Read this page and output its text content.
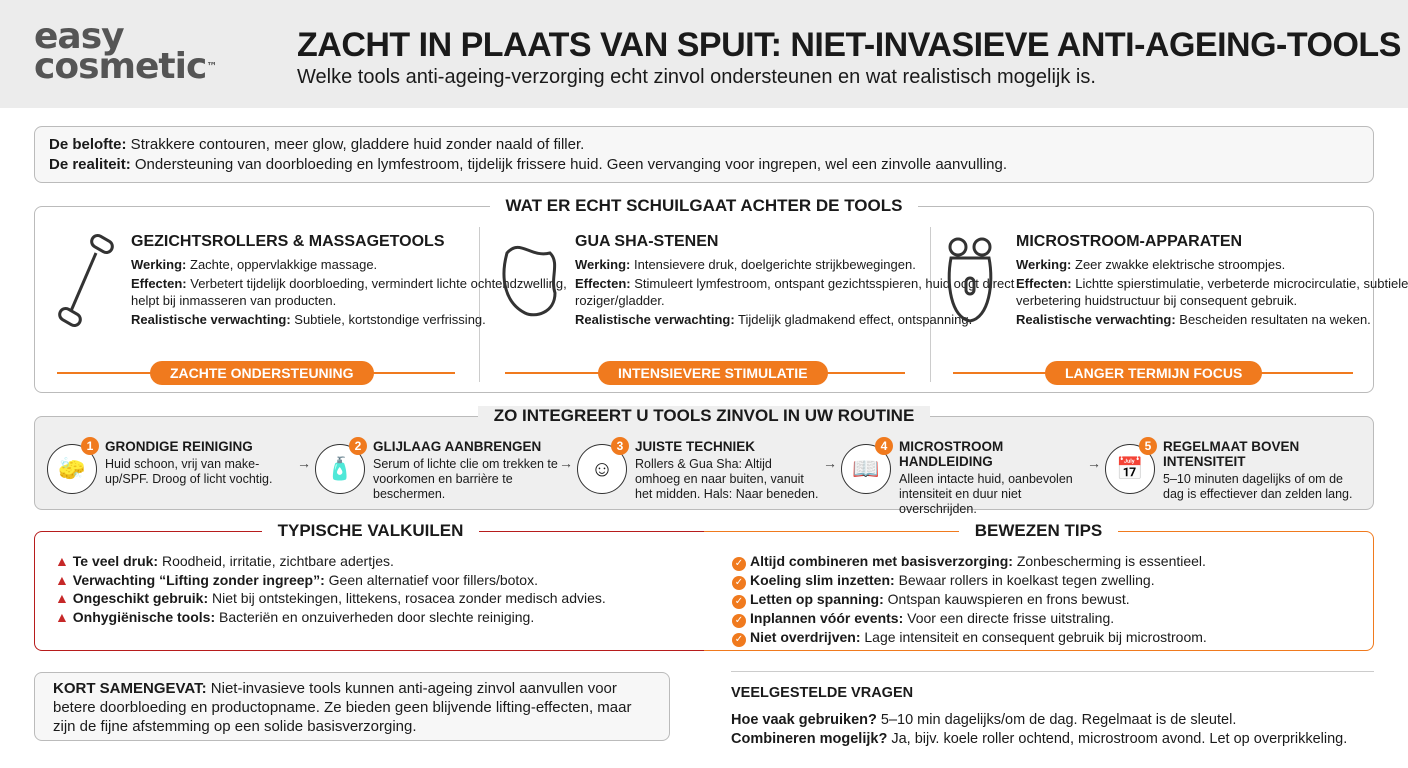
easy
cosmetic™
ZACHT IN PLAATS VAN SPUIT: NIET-INVASIEVE ANTI-AGEING-TOOLS
Welke tools anti-ageing-verzorging echt zinvol ondersteunen en wat realistisch mogelijk is.
De belofte: Strakkere contouren, meer glow, gladdere huid zonder naald of filler.
De realiteit: Ondersteuning van doorbloeding en lymfestroom, tijdelijk frissere huid. Geen vervanging voor ingrepen, wel een zinvolle aanvulling.
WAT ER ECHT SCHUILGAAT ACHTER DE TOOLS
GEZICHTSROLLERS & MASSAGETOOLS

Werking: Zachte, oppervlakkige massage.

Effecten: Verbetert tijdelijk doorbloeding, vermindert lichte ochtendzwelling, helpt bij inmasseren van producten.

Realistische verwachting: Subtiele, kortstondige verfrissing.

ZACHTE ONDERSTEUNING
GUA SHA-STENEN

Werking: Intensievere druk, doelgerichte strijkbewegingen.

Effecten: Stimuleert lymfestroom, ontspant gezichtsspieren, huid oogt direct roziger/gladder.

Realistische verwachting: Tijdelijk gladmakend effect, ontspanning.

INTENSIEVERE STIMULATIE
MICROSTROOM-APPARATEN

Werking: Zeer zwakke elektrische stroompjes.

Effecten: Lichtte spierstimulatie, verbeterde microcirculatie, subtiele verbetering huidstructuur bij consequent gebruik.

Realistische verwachting: Bescheiden resultaten na weken.

LANGER TERMIJN FOCUS
ZO INTEGREERT U TOOLS ZINVOL IN UW ROUTINE
🧽
1 GRONDIGE REINIGING
Huid schoon, vrij van make-up/SPF. Droog of licht vochtig.
→ 🧴
2 GLIJLAAG AANBRENGEN
Serum of lichte clie om trekken te voorkomen en barrière te beschermen.
→ ☺
3 JUISTE TECHNIEK
Rollers & Gua Sha: Altijd omhoeg en naar buiten, vanuit het midden. Hals: Naar beneden.
→ 📖
4 MICROSTROOM HANDLEIDING
Alleen intacte huid, oanbevolen intensiteit en duur niet overschrijden.
→ 📅
5 REGELMAAT BOVEN INTENSITEIT
5–10 minuten dagelijks of om de dag is effectiever dan zelden lang.
TYPISCHE VALKUILEN
▲ Te veel druk: Roodheid, irritatie, zichtbare adertjes.
▲ Verwachting “Lifting zonder ingreep”: Geen alternatief voor fillers/botox.
▲ Ongeschikt gebruik: Niet bij ontstekingen, littekens, rosacea zonder medisch advies.
▲ Onhygiënische tools: Bacteriën en onzuiverheden door slechte reiniging.
BEWEZEN TIPS
✓ Altijd combineren met basisverzorging: Zonbescherming is essentieel.
✓ Koeling slim inzetten: Bewaar rollers in koelkast tegen zwelling.
✓ Letten op spanning: Ontspan kauwspieren en frons bewust.
✓ Inplannen vóór events: Voor een directe frisse uitstraling.
✓ Niet overdrijven: Lage intensiteit en consequent gebruik bij microstroom.
KORT SAMENGEVAT: Niet-invasieve tools kunnen anti-ageing zinvol aanvullen voor betere doorbloeding en productopname. Ze bieden geen blijvende lifting-effecten, maar zijn de fijne afstemming op een solide basisverzorging.
VEELGESTELDE VRAGEN
Hoe vaak gebruiken? 5–10 min dagelijks/om de dag. Regelmaat is de sleutel.
Combineren mogelijk? Ja, bijv. koele roller ochtend, microstroom avond. Let op overprikkeling.
